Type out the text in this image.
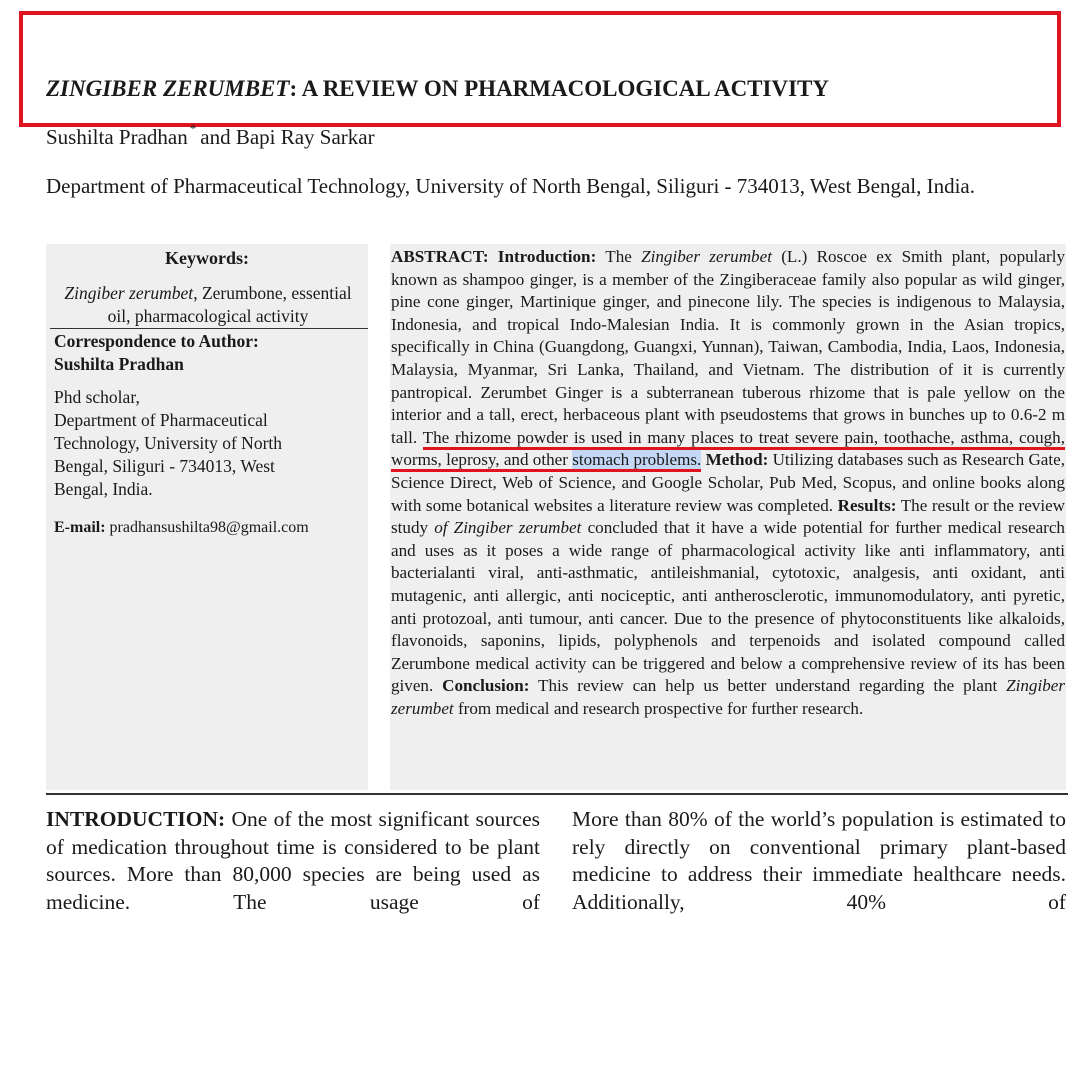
ZINGIBER ZERUMBET: A REVIEW ON PHARMACOLOGICAL ACTIVITY
Sushilta Pradhan * and Bapi Ray Sarkar
Department of Pharmaceutical Technology, University of North Bengal, Siliguri - 734013, West Bengal, India.
Keywords:
Zingiber zerumbet, Zerumbone, essential oil, pharmacological activity
Correspondence to Author:
Sushilta Pradhan
Phd scholar,
Department of Pharmaceutical
Technology, University of North
Bengal, Siliguri - 734013, West
Bengal, India.
E-mail: pradhansushilta98@gmail.com
ABSTRACT: Introduction: The Zingiber zerumbet (L.) Roscoe ex Smith plant, popularly known as shampoo ginger, is a member of the Zingiberaceae family also popular as wild ginger, pine cone ginger, Martinique ginger, and pinecone lily. The species is indigenous to Malaysia, Indonesia, and tropical Indo-Malesian India. It is commonly grown in the Asian tropics, specifically in China (Guangdong, Guangxi, Yunnan), Taiwan, Cambodia, India, Laos, Indonesia, Malaysia, Myanmar, Sri Lanka, Thailand, and Vietnam. The distribution of it is currently pantropical. Zerumbet Ginger is a subterranean tuberous rhizome that is pale yellow on the interior and a tall, erect, herbaceous plant with pseudostems that grows in bunches up to 0.6-2 m tall. The rhizome powder is used in many places to treat severe pain, toothache, asthma, cough, worms, leprosy, and other stomach problems. Method: Utilizing databases such as Research Gate, Science Direct, Web of Science, and Google Scholar, Pub Med, Scopus, and online books along with some botanical websites a literature review was completed. Results: The result or the review study of Zingiber zerumbet concluded that it have a wide potential for further medical research and uses as it poses a wide range of pharmacological activity like anti inflammatory, anti bacterialanti viral, anti-asthmatic, antileishmanial, cytotoxic, analgesis, anti oxidant, anti mutagenic, anti allergic, anti nociceptic, anti antherosclerotic, immunomodulatory, anti pyretic, anti protozoal, anti tumour, anti cancer. Due to the presence of phytoconstituents like alkaloids, flavonoids, saponins, lipids, polyphenols and terpenoids and isolated compound called Zerumbone medical activity can be triggered and below a comprehensive review of its has been given. Conclusion: This review can help us better understand regarding the plant Zingiber zerumbet from medical and research prospective for further research.
INTRODUCTION: One of the most significant sources of medication throughout time is considered to be plant sources. More than 80,000 species are being used as medicine. The usage of
More than 80% of the world’s population is estimated to rely directly on conventional primary plant-based medicine to address their immediate healthcare needs. Additionally, 40% of
